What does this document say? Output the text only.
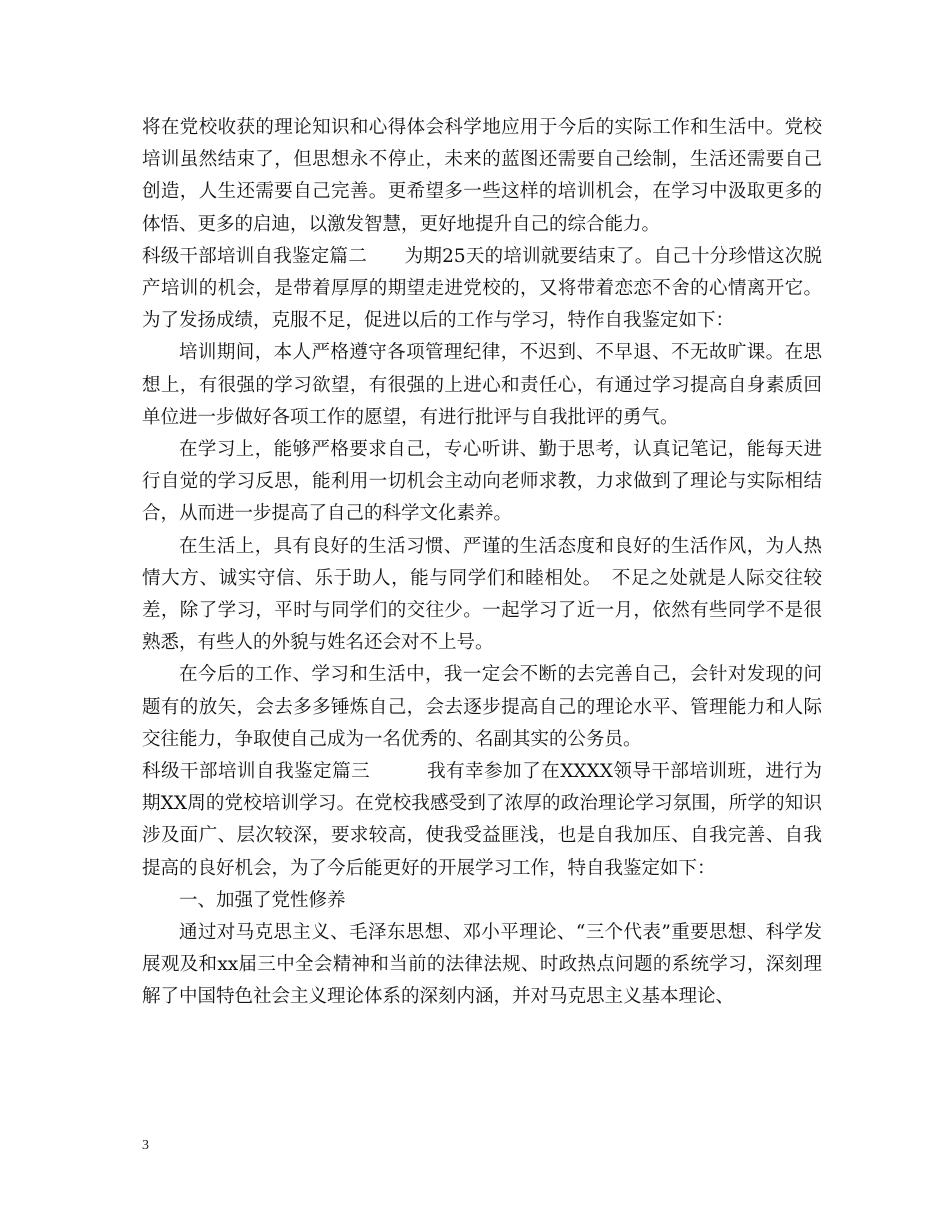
将在党校收获的理论知识和心得体会科学地应用于今后的实际工作和生活中。党校培训虽然结束了，但思想永不停止，未来的蓝图还需要自己绘制，生活还需要自己创造，人生还需要自己完善。更希望多一些这样的培训机会，在学习中汲取更多的体悟、更多的启迪，以激发智慧，更好地提升自己的综合能力。

科级干部培训自我鉴定篇二　　为期25天的培训就要结束了。自己十分珍惜这次脱产培训的机会，是带着厚厚的期望走进党校的，又将带着恋恋不舍的心情离开它。为了发扬成绩，克服不足，促进以后的工作与学习，特作自我鉴定如下：

培训期间，本人严格遵守各项管理纪律，不迟到、不早退、不无故旷课。在思想上，有很强的学习欲望，有很强的上进心和责任心，有通过学习提高自身素质回单位进一步做好各项工作的愿望，有进行批评与自我批评的勇气。

在学习上，能够严格要求自己，专心听讲、勤于思考，认真记笔记，能每天进行自觉的学习反思，能利用一切机会主动向老师求教，力求做到了理论与实际相结合，从而进一步提高了自己的科学文化素养。

在生活上，具有良好的生活习惯、严谨的生活态度和良好的生活作风，为人热情大方、诚实守信、乐于助人，能与同学们和睦相处。　不足之处就是人际交往较差，除了学习，平时与同学们的交往少。一起学习了近一月，依然有些同学不是很熟悉，有些人的外貌与姓名还会对不上号。

在今后的工作、学习和生活中，我一定会不断的去完善自己，会针对发现的问题有的放矢，会去多多锤炼自己，会去逐步提高自己的理论水平、管理能力和人际交往能力，争取使自己成为一名优秀的、名副其实的公务员。

科级干部培训自我鉴定篇三　　　我有幸参加了在XXXX领导干部培训班，进行为期XX周的党校培训学习。在党校我感受到了浓厚的政治理论学习氛围，所学的知识涉及面广、层次较深，要求较高，使我受益匪浅，也是自我加压、自我完善、自我提高的良好机会，为了今后能更好的开展学习工作，特自我鉴定如下：

一、加强了党性修养

通过对马克思主义、毛泽东思想、邓小平理论、“三个代表”重要思想、科学发展观及和xx届三中全会精神和当前的法律法规、时政热点问题的系统学习，深刻理解了中国特色社会主义理论体系的深刻内涵，并对马克思主义基本理论、

3
